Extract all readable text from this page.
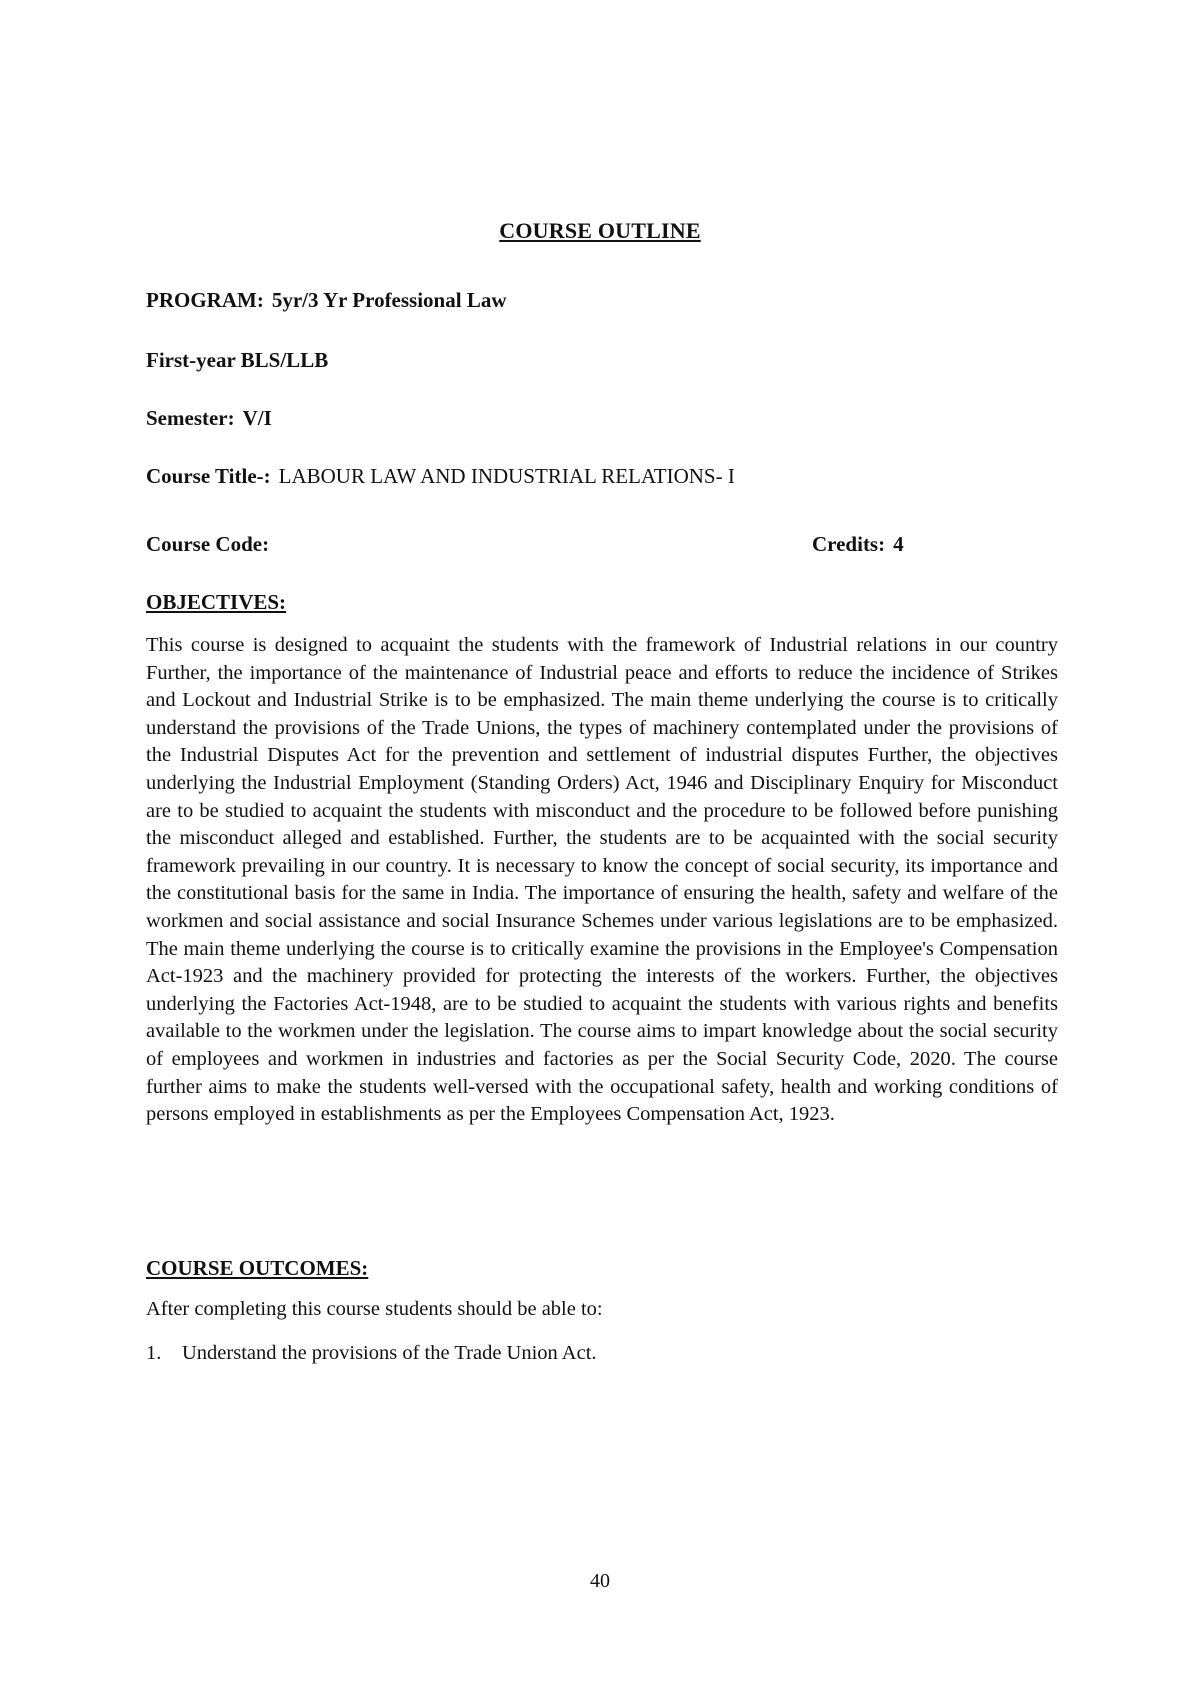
COURSE OUTLINE
PROGRAM: 5yr/3 Yr Professional Law
First-year BLS/LLB
Semester: V/I
Course Title-: LABOUR LAW AND INDUSTRIAL RELATIONS- I
Course Code:	Credits: 4
OBJECTIVES:
This course is designed to acquaint the students with the framework of Industrial relations in our country Further, the importance of the maintenance of Industrial peace and efforts to reduce the incidence of Strikes and Lockout and Industrial Strike is to be emphasized. The main theme underlying the course is to critically understand the provisions of the Trade Unions, the types of machinery contemplated under the provisions of the Industrial Disputes Act for the prevention and settlement of industrial disputes Further, the objectives underlying the Industrial Employment (Standing Orders) Act, 1946 and Disciplinary Enquiry for Misconduct are to be studied to acquaint the students with misconduct and the procedure to be followed before punishing the misconduct alleged and established. Further, the students are to be acquainted with the social security framework prevailing in our country. It is necessary to know the concept of social security, its importance and the constitutional basis for the same in India. The importance of ensuring the health, safety and welfare of the workmen and social assistance and social Insurance Schemes under various legislations are to be emphasized. The main theme underlying the course is to critically examine the provisions in the Employee's Compensation Act-1923 and the machinery provided for protecting the interests of the workers. Further, the objectives underlying the Factories Act-1948, are to be studied to acquaint the students with various rights and benefits available to the workmen under the legislation. The course aims to impart knowledge about the social security of employees and workmen in industries and factories as per the Social Security Code, 2020. The course further aims to make the students well-versed with the occupational safety, health and working conditions of persons employed in establishments as per the Employees Compensation Act, 1923.
COURSE OUTCOMES:
After completing this course students should be able to:
1. Understand the provisions of the Trade Union Act.
40
